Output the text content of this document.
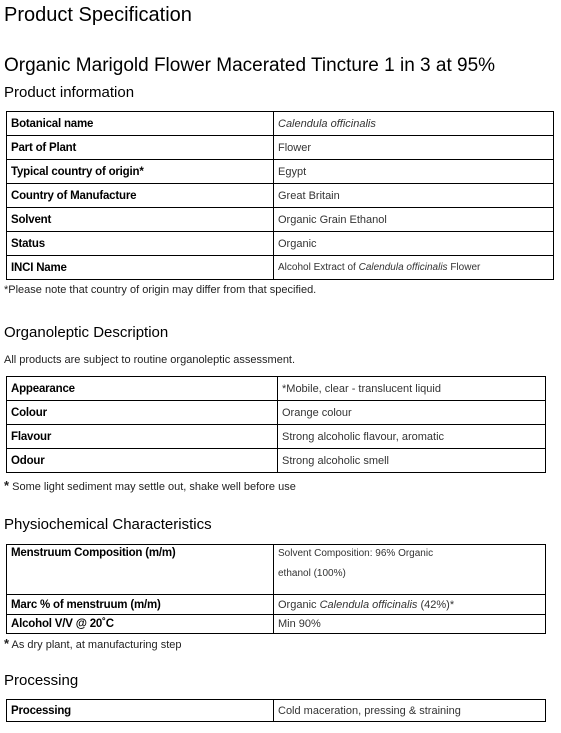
Product Specification
Organic Marigold Flower Macerated Tincture 1 in 3 at 95%
Product information
Botanical name	Calendula officinalis
Part of Plant	Flower
Typical country of origin*	Egypt
Country of Manufacture	Great Britain
Solvent	Organic Grain Ethanol
Status	Organic
INCI Name	Alcohol Extract of Calendula officinalis Flower
*Please note that country of origin may differ from that specified.
Organoleptic Description
All products are subject to routine organoleptic assessment.
Appearance	*Mobile, clear - translucent liquid
Colour	Orange colour
Flavour	Strong alcoholic flavour, aromatic
Odour	Strong alcoholic smell
* Some light sediment may settle out, shake well before use
Physiochemical Characteristics
Menstruum Composition (m/m)	Solvent Composition: 96% Organic ethanol (100%)

Marc % of menstruum (m/m)	Organic Calendula officinalis (42%)*
Alcohol V/V @ 20˚C	Min 90%
* As dry plant, at manufacturing step
Processing
Processing	Cold maceration, pressing & straining
